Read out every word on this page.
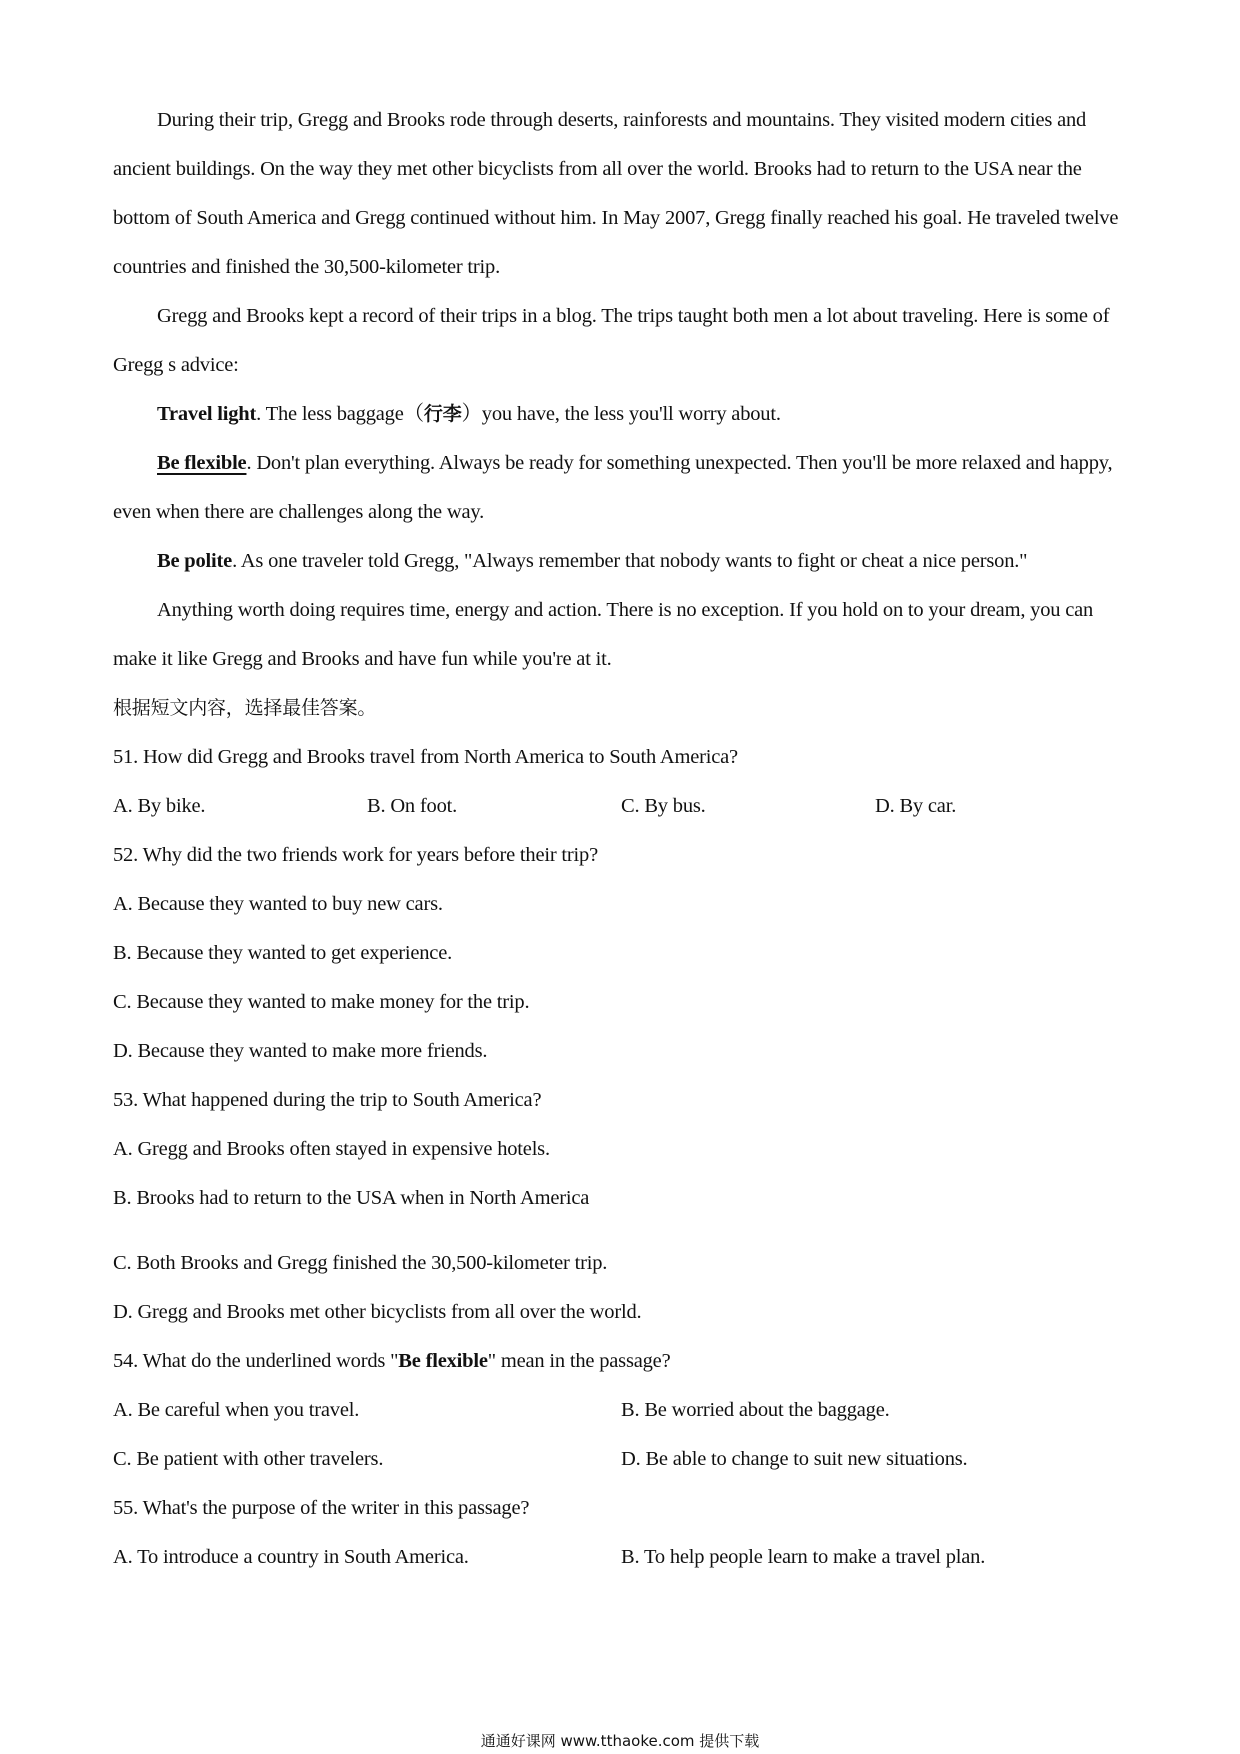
During their trip, Gregg and Brooks rode through deserts, rainforests and mountains. They visited modern cities and ancient buildings. On the way they met other bicyclists from all over the world. Brooks had to return to the USA near the bottom of South America and Gregg continued without him. In May 2007, Gregg finally reached his goal. He traveled twelve countries and finished the 30,500-kilometer trip.

Gregg and Brooks kept a record of their trips in a blog. The trips taught both men a lot about traveling. Here is some of Gregg s advice:

Travel light. The less baggage（行李）you have, the less you'll worry about.

Be flexible. Don't plan everything. Always be ready for something unexpected. Then you'll be more relaxed and happy, even when there are challenges along the way.

Be polite. As one traveler told Gregg, "Always remember that nobody wants to fight or cheat a nice person."

Anything worth doing requires time, energy and action. There is no exception. If you hold on to your dream, you can make it like Gregg and Brooks and have fun while you're at it.

根据短文内容，选择最佳答案。

51. How did Gregg and Brooks travel from North America to South America?

A. By bike.	B. On foot.	C. By bus.	D. By car.

52. Why did the two friends work for years before their trip?

A. Because they wanted to buy new cars.

B. Because they wanted to get experience.

C. Because they wanted to make money for the trip.

D. Because they wanted to make more friends.

53. What happened during the trip to South America?

A. Gregg and Brooks often stayed in expensive hotels.

B. Brooks had to return to the USA when in North America

C. Both Brooks and Gregg finished the 30,500-kilometer trip.

D. Gregg and Brooks met other bicyclists from all over the world.

54. What do the underlined words "Be flexible" mean in the passage?

A. Be careful when you travel.	B. Be worried about the baggage.
C. Be patient with other travelers.	D. Be able to change to suit new situations.

55. What's the purpose of the writer in this passage?

A. To introduce a country in South America.	B. To help people learn to make a travel plan.
通通好课网 www.tthaoke.com 提供下载
